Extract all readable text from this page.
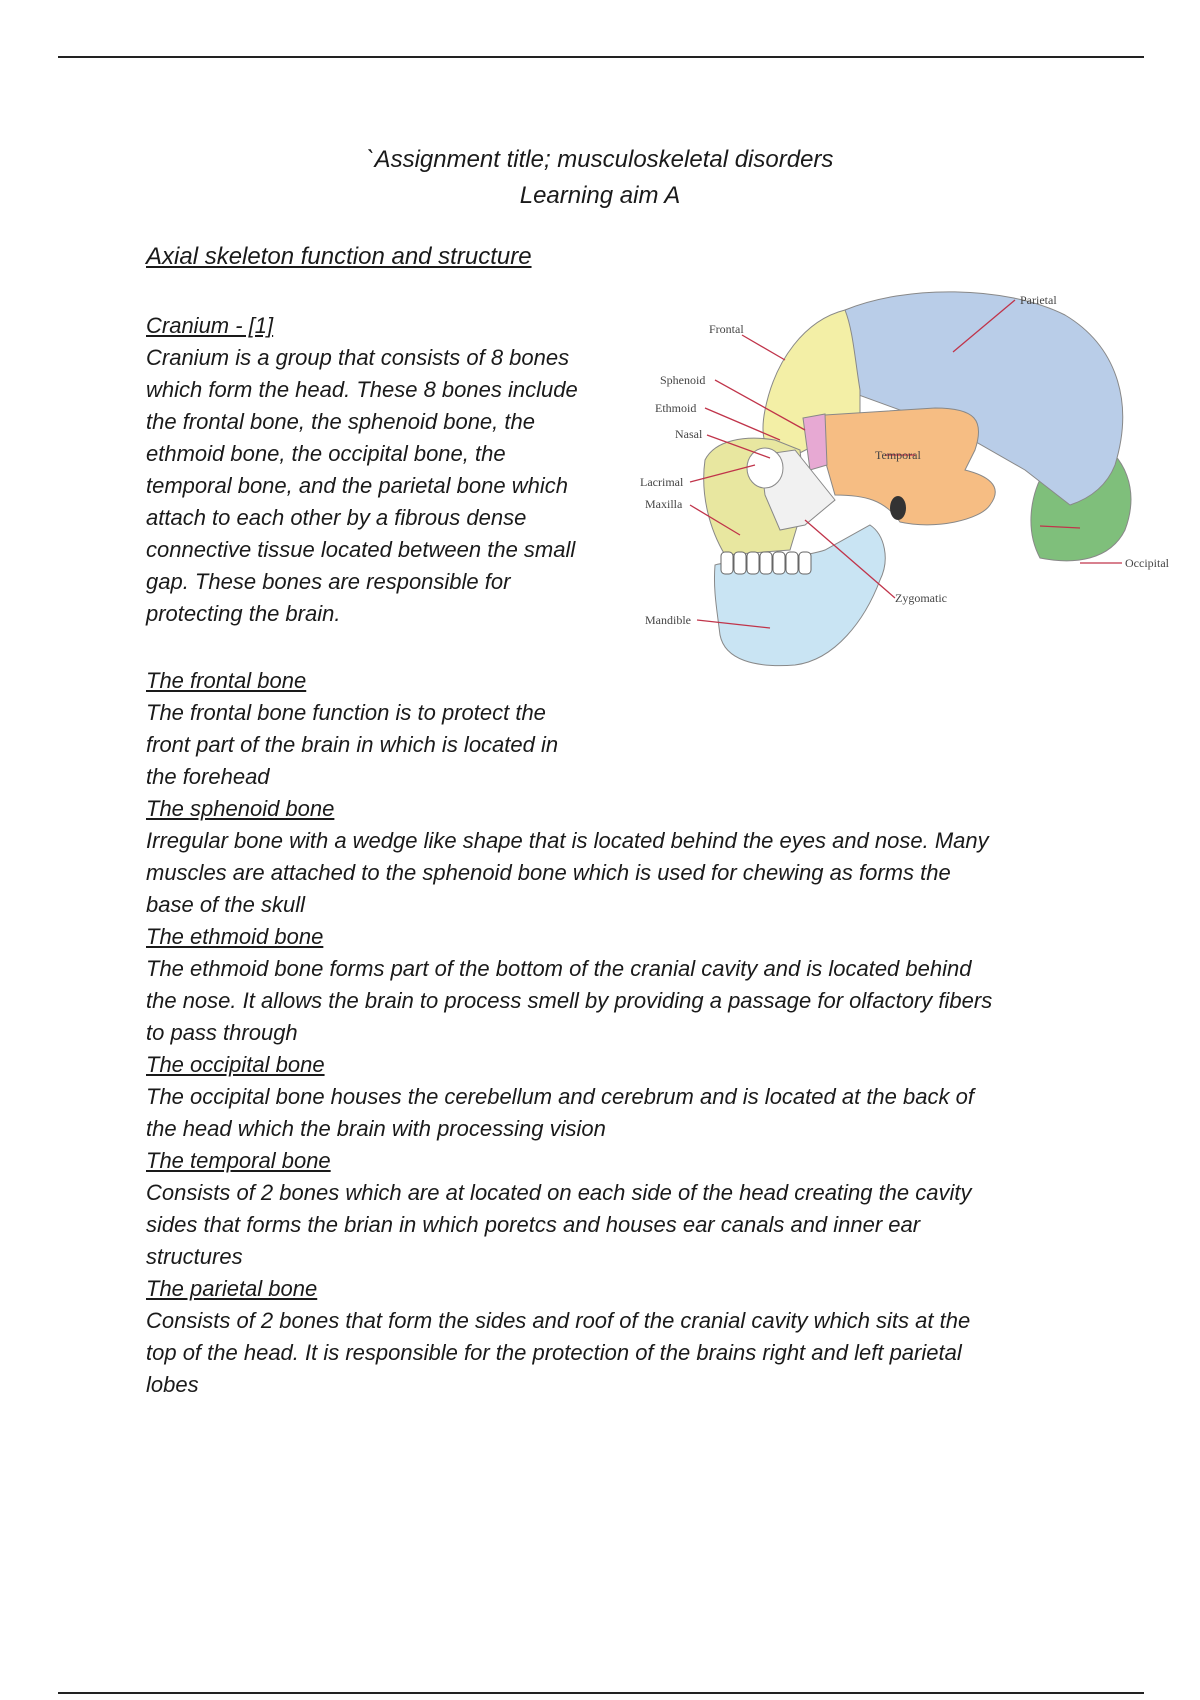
`Assignment title; musculoskeletal disorders
Learning aim A
Axial skeleton function and structure

Cranium - [1]

Cranium is a group that consists of 8 bones

which form the head. These 8 bones include

the frontal bone, the sphenoid bone, the

ethmoid bone, the occipital bone, the

temporal bone, and the parietal bone which

attach to each other by a fibrous dense

connective tissue located between the small

gap. These bones are responsible for

protecting the brain.

The frontal bone

The frontal bone function is to protect the

front part of the brain in which is located in

the forehead

The sphenoid bone

Irregular bone with a wedge like shape that is located behind the eyes and nose. Many

muscles are attached to the sphenoid bone which is used for chewing as forms the

base of the skull

The ethmoid bone

The ethmoid bone forms part of the bottom of the cranial cavity and is located behind

the nose. It allows the brain to process smell by providing a passage for olfactory fibers

to pass through

The occipital bone

The occipital bone houses the cerebellum and cerebrum and is located at the back of

the head which the brain with processing vision

The temporal bone

Consists of 2 bones which are at located on each side of the head creating the cavity

sides that forms the brian in which poretcs and houses ear canals and inner ear

structures

The parietal bone

Consists of 2 bones that form the sides and roof of the cranial cavity which sits at the

top of the head. It is responsible for the protection of the brains right and left parietal

lobes

Frontal
Parietal
Sphenoid
Ethmoid
Nasal
Lacrimal
Maxilla
Temporal
Zygomatic
Mandible
Occipital
